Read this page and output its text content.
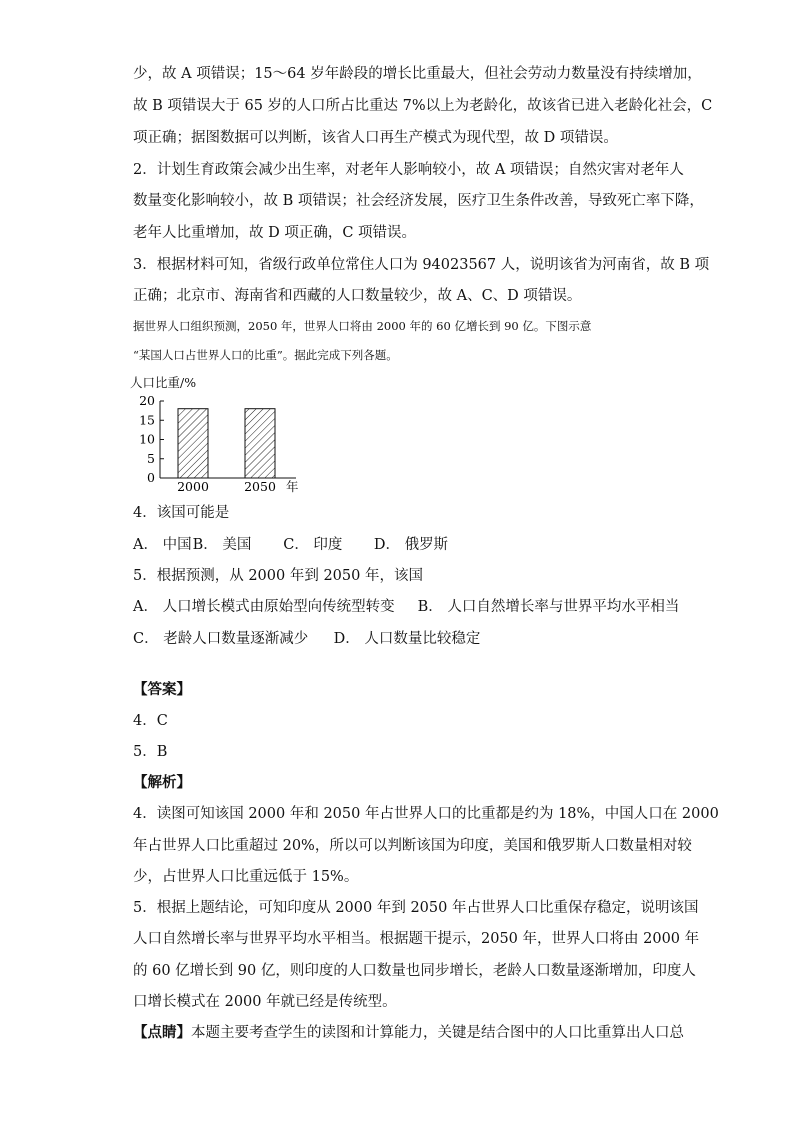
少，故 A 项错误；15～64 岁年龄段的增长比重最大，但社会劳动力数量没有持续增加，
故 B 项错误大于 65 岁的人口所占比重达 7%以上为老龄化，故该省已进入老龄化社会，C
项正确；据图数据可以判断，该省人口再生产模式为现代型，故 D 项错误。
2．计划生育政策会减少出生率，对老年人影响较小，故 A 项错误；自然灾害对老年人
数量变化影响较小，故 B 项错误；社会经济发展，医疗卫生条件改善，导致死亡率下降，
老年人比重增加，故 D 项正确，C 项错误。
3．根据材料可知，省级行政单位常住人口为 94023567 人，说明该省为河南省，故 B 项
正确；北京市、海南省和西藏的人口数量较少，故 A、C、D 项错误。
据世界人口组织预测，2050 年，世界人口将由 2000 年的 60 亿增长到 90 亿。下图示意
“某国人口占世界人口的比重”。据此完成下列各题。
人口比重/%
0
5
10
15
20
2000	2050 年
4．该国可能是
A． 中国 B． 美国 C． 印度 D． 俄罗斯
5．根据预测，从 2000 年到 2050 年，该国
A． 人口增长模式由原始型向传统型转变 B． 人口自然增长率与世界平均水平相当
C． 老龄人口数量逐渐减少 D． 人口数量比较稳定
【答案】
4．C
5．B
【解析】
4．读图可知该国 2000 年和 2050 年占世界人口的比重都是约为 18%，中国人口在 2000
年占世界人口比重超过 20%，所以可以判断该国为印度，美国和俄罗斯人口数量相对较
少，占世界人口比重远低于 15%。
5．根据上题结论，可知印度从 2000 年到 2050 年占世界人口比重保存稳定，说明该国
人口自然增长率与世界平均水平相当。根据题干提示，2050 年，世界人口将由 2000 年
的 60 亿增长到 90 亿，则印度的人口数量也同步增长，老龄人口数量逐渐增加，印度人
口增长模式在 2000 年就已经是传统型。
【点睛】本题主要考查学生的读图和计算能力，关键是结合图中的人口比重算出人口总
